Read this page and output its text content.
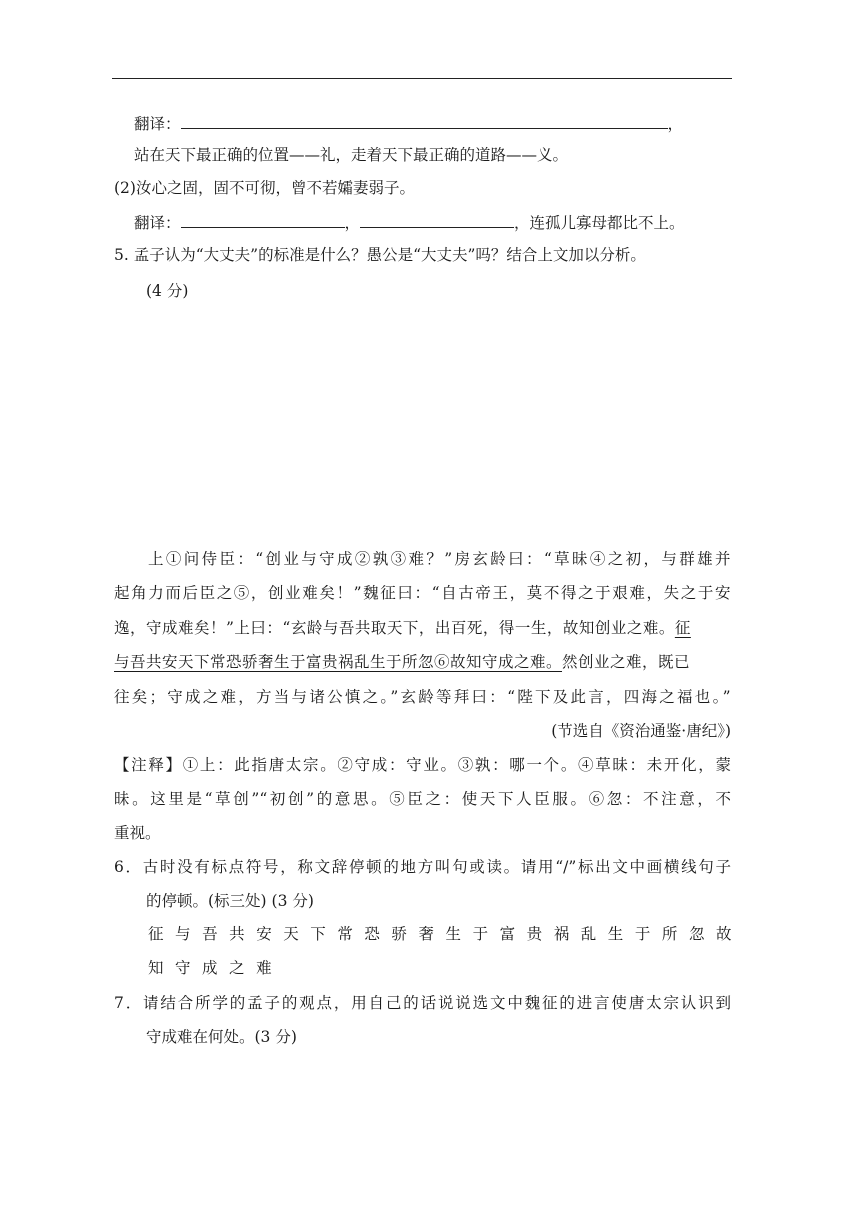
翻译：	，
站在天下最正确的位置——礼，走着天下最正确的道路——义。
(2)汝心之固，固不可彻，曾不若孀妻弱子。
翻译：	，	，连孤儿寡母都比不上。
5. 孟子认为“大丈夫”的标准是什么？愚公是“大丈夫”吗？结合上文加以分析。
(4 分)
上①问侍臣：“创业与守成②孰③难？”房玄龄曰：“草昧④之初，与群雄并
起角力而后臣之⑤，创业难矣！”魏征曰：“自古帝王，莫不得之于艰难，失之于安
逸，守成难矣！”上曰：“玄龄与吾共取天下，出百死，得一生，故知创业之难。征
与吾共安天下常恐骄奢生于富贵祸乱生于所忽⑥故知守成之难。然创业之难，既已
往矣；守成之难，方当与诸公慎之。”玄龄等拜曰：“陛下及此言，四海之福也。”
(节选自《资治通鉴·唐纪》)
【注释】①上：此指唐太宗。②守成：守业。③孰：哪一个。④草昧：未开化，蒙
昧。这里是“草创”“初创”的意思。⑤臣之：使天下人臣服。⑥忽：不注意，不
重视。
6．古时没有标点符号，称文辞停顿的地方叫句或读。请用“/”标出文中画横线句子
的停顿。(标三处) (3 分)
征 与 吾 共 安 天 下 常 恐 骄 奢 生 于 富 贵 祸 乱 生 于 所 忽 故
知 守 成 之 难
7．请结合所学的孟子的观点，用自己的话说说选文中魏征的进言使唐太宗认识到
守成难在何处。(3 分)
